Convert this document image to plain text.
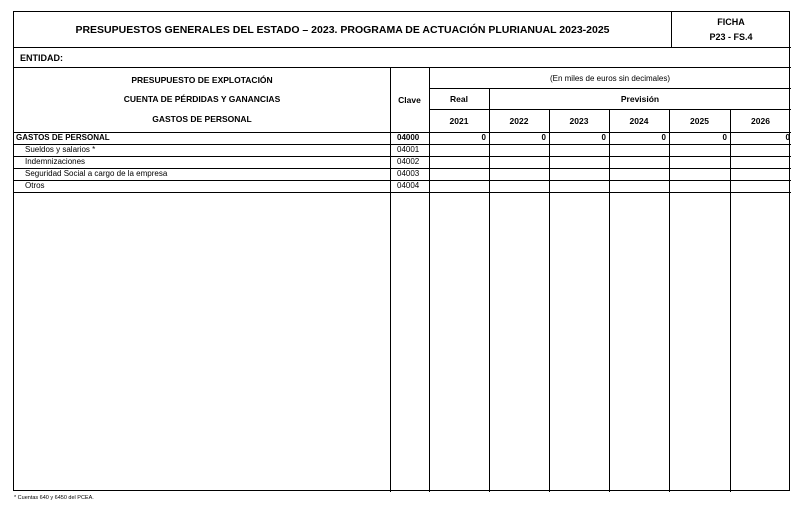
PRESUPUESTOS GENERALES DEL ESTADO – 2023. PROGRAMA DE ACTUACIÓN PLURIANUAL 2023-2025
FICHA
P23 - FS.4
ENTIDAD:
PRESUPUESTO DE EXPLOTACIÓN
CUENTA DE PÉRDIDAS Y GANANCIAS
GASTOS DE PERSONAL
Clave
(En miles de euros sin decimales)
Real	Previsión
2021	2022	2023	2024	2025	2026
GASTOS DE PERSONAL	04000	0	0	0	0	0	0
Sueldos y salarios *	04001
Indemnizaciones	04002
Seguridad Social a cargo de la empresa	04003
Otros	04004
* Cuentas 640 y 6450 del PCEA.
